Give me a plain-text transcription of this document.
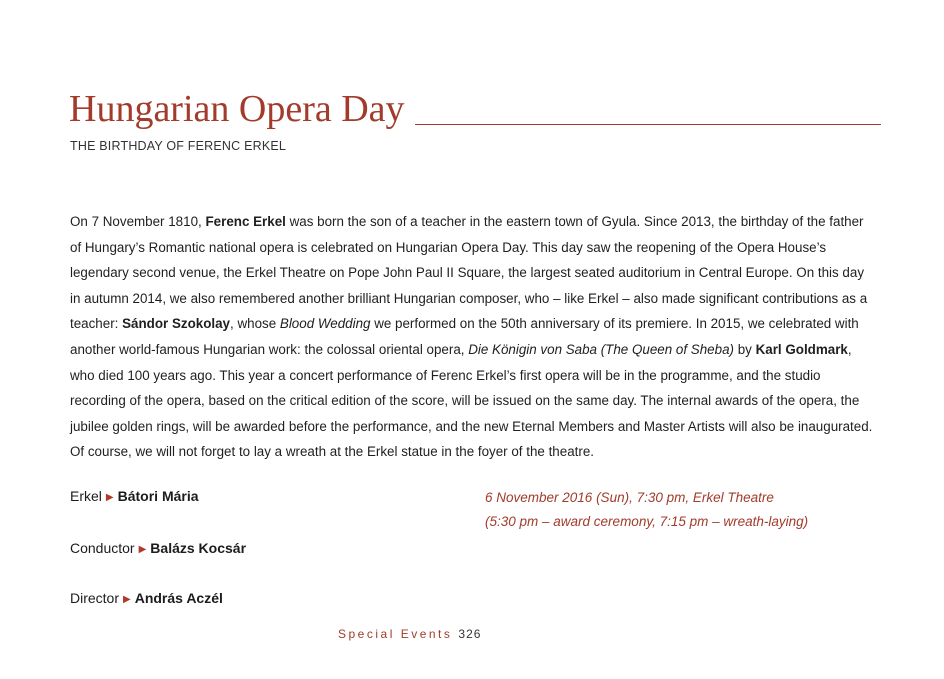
Hungarian Opera Day
THE BIRTHDAY OF FERENC ERKEL

On 7 November 1810, Ferenc Erkel was born the son of a teacher in the eastern town of Gyula. Since 2013, the birthday of the father of Hungary’s Romantic national opera is celebrated on Hungarian Opera Day. This day saw the reopening of the Opera House’s legendary second venue, the Erkel Theatre on Pope John Paul II Square, the largest seated auditorium in Central Europe. On this day in autumn 2014, we also remembered another brilliant Hungarian composer, who – like Erkel – also made significant contributions as a teacher: Sándor Szokolay, whose Blood Wedding we performed on the 50th anniversary of its premiere. In 2015, we celebrated with another world-famous Hungarian work: the colossal oriental opera, Die Königin von Saba (The Queen of Sheba) by Karl Goldmark, who died 100 years ago. This year a concert performance of Ferenc Erkel’s first opera will be in the programme, and the studio recording of the opera, based on the critical edition of the score, will be issued on the same day. The internal awards of the opera, the jubilee golden rings, will be awarded before the performance, and the new Eternal Members and Master Artists will also be inaugurated. Of course, we will not forget to lay a wreath at the Erkel statue in the foyer of the theatre.

Erkel ▶ Bátori Mária
Conductor ▶ Balázs Kocsár
Director ▶ András Aczél
6 November 2016 (Sun), 7:30 pm, Erkel Theatre
(5:30 pm – award ceremony, 7:15 pm – wreath-laying)
Special Events 326
